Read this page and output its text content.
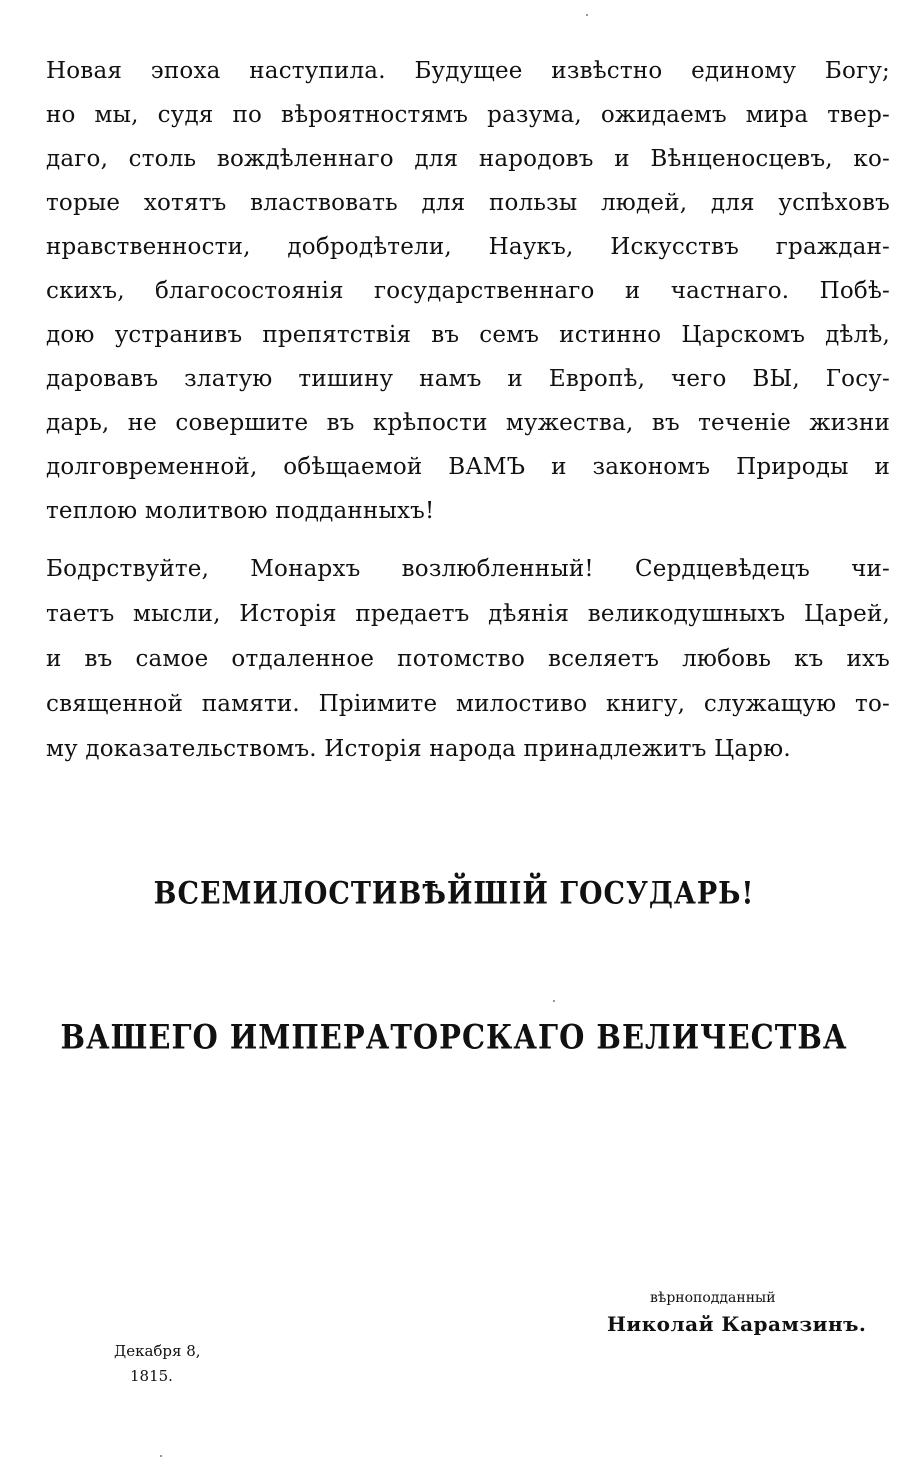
Новая эпоха наступила. Будущее извѣстно единому Богу;

но мы, судя по вѣроятностямъ разума, ожидаемъ мира твер-

даго, столь вождѣленнаго для народовъ и Вѣнценосцевъ, ко-

торые хотятъ властвовать для пользы людей, для успѣховъ

нравственности, добродѣтели, Наукъ, Искусствъ граждан-

скихъ, благосостоянія государственнаго и частнаго. Побѣ-

дою устранивъ препятствія въ семъ истинно Царскомъ дѣлѣ,

даровавъ златую тишину намъ и Европѣ, чего ВЫ, Госу-

дарь, не совершите въ крѣпости мужества, въ теченіе жизни

долговременной, обѣщаемой ВАМЪ и закономъ Природы и

теплою молитвою подданныхъ!

Бодрствуйте, Монархъ возлюбленный! Сердцевѣдецъ чи-

таетъ мысли, Исторія предаетъ дѣянія великодушныхъ Царей,

и въ самое отдаленное потомство вселяетъ любовь къ ихъ

священной памяти. Пріимите милостиво книгу, служащую то-

му доказательствомъ. Исторія народа принадлежитъ Царю.

ВСЕМИЛОСТИВѢЙШІЙ ГОСУДАРЬ!
ВАШЕГО ИМПЕРАТОРСКАГО ВЕЛИЧЕСТВА

вѣрноподданный

Николай Карамзинъ.

Декабря 8,

1815.
